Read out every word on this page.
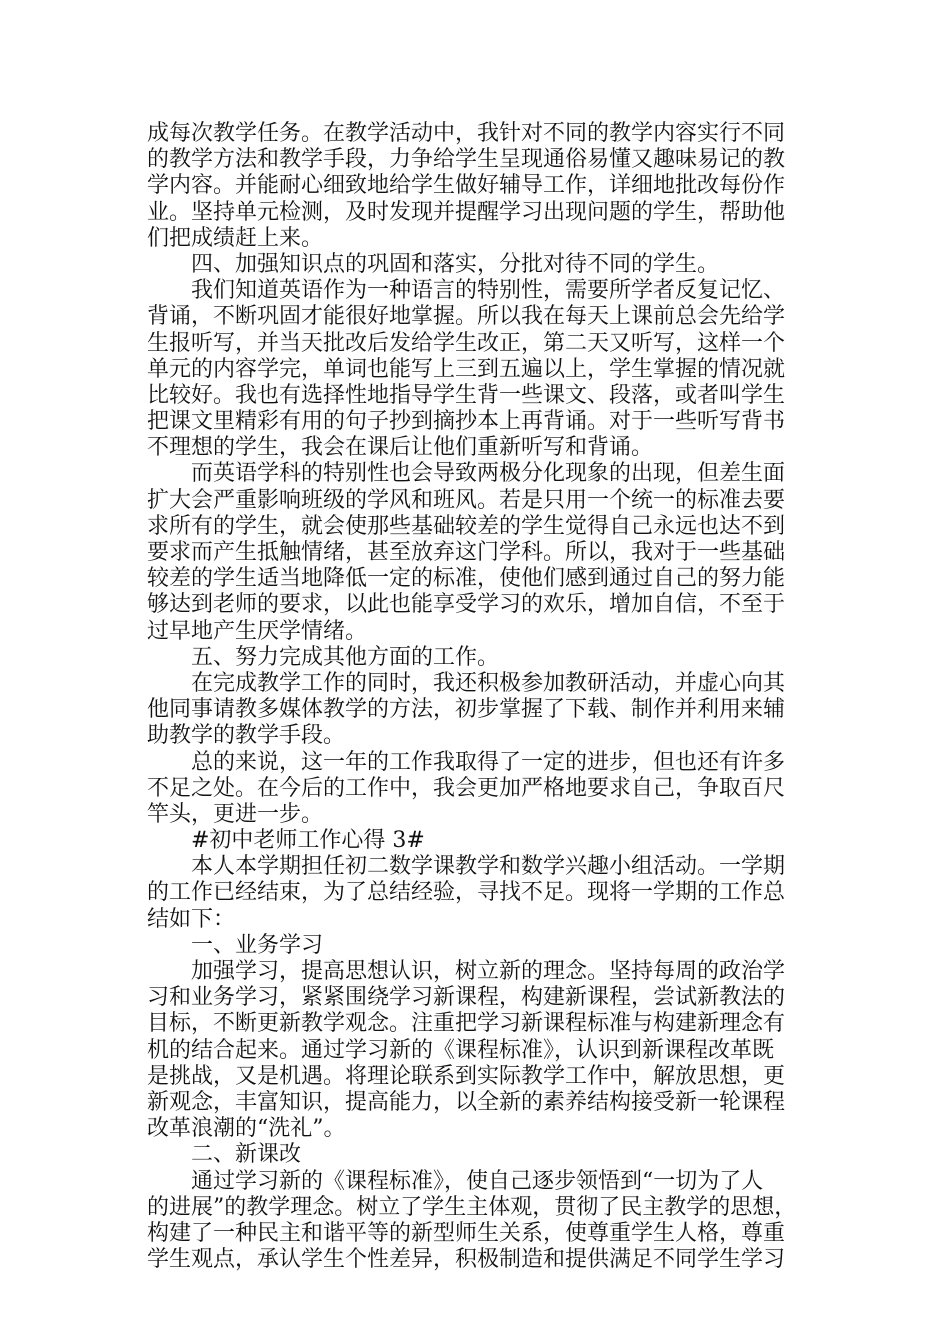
成每次教学任务。在教学活动中，我针对不同的教学内容实行不同
的教学方法和教学手段，力争给学生呈现通俗易懂又趣味易记的教
学内容。并能耐心细致地给学生做好辅导工作，详细地批改每份作
业。坚持单元检测，及时发现并提醒学习出现问题的学生，帮助他
们把成绩赶上来。
四、加强知识点的巩固和落实，分批对待不同的学生。
我们知道英语作为一种语言的特别性，需要所学者反复记忆、
背诵，不断巩固才能很好地掌握。所以我在每天上课前总会先给学
生报听写，并当天批改后发给学生改正，第二天又听写，这样一个
单元的内容学完，单词也能写上三到五遍以上，学生掌握的情况就
比较好。我也有选择性地指导学生背一些课文、段落，或者叫学生
把课文里精彩有用的句子抄到摘抄本上再背诵。对于一些听写背书
不理想的学生，我会在课后让他们重新听写和背诵。
而英语学科的特别性也会导致两极分化现象的出现，但差生面
扩大会严重影响班级的学风和班风。若是只用一个统一的标准去要
求所有的学生，就会使那些基础较差的学生觉得自己永远也达不到
要求而产生抵触情绪，甚至放弃这门学科。所以，我对于一些基础
较差的学生适当地降低一定的标准，使他们感到通过自己的努力能
够达到老师的要求，以此也能享受学习的欢乐，增加自信，不至于
过早地产生厌学情绪。
五、努力完成其他方面的工作。
在完成教学工作的同时，我还积极参加教研活动，并虚心向其
他同事请教多媒体教学的方法，初步掌握了下载、制作并利用来辅
助教学的教学手段。
总的来说，这一年的工作我取得了一定的进步，但也还有许多
不足之处。在今后的工作中，我会更加严格地要求自己，争取百尺
竿头，更进一步。
#初中老师工作心得 3#
本人本学期担任初二数学课教学和数学兴趣小组活动。一学期
的工作已经结束，为了总结经验，寻找不足。现将一学期的工作总
结如下：
一、业务学习
加强学习，提高思想认识，树立新的理念。坚持每周的政治学
习和业务学习，紧紧围绕学习新课程，构建新课程，尝试新教法的
目标，不断更新教学观念。注重把学习新课程标准与构建新理念有
机的结合起来。通过学习新的《课程标准》，认识到新课程改革既
是挑战，又是机遇。将理论联系到实际教学工作中，解放思想，更
新观念，丰富知识，提高能力，以全新的素养结构接受新一轮课程
改革浪潮的“洗礼”。
二、新课改
通过学习新的《课程标准》，使自己逐步领悟到“一切为了人
的进展”的教学理念。树立了学生主体观，贯彻了民主教学的思想，
构建了一种民主和谐平等的新型师生关系，使尊重学生人格，尊重
学生观点，承认学生个性差异，积极制造和提供满足不同学生学习
